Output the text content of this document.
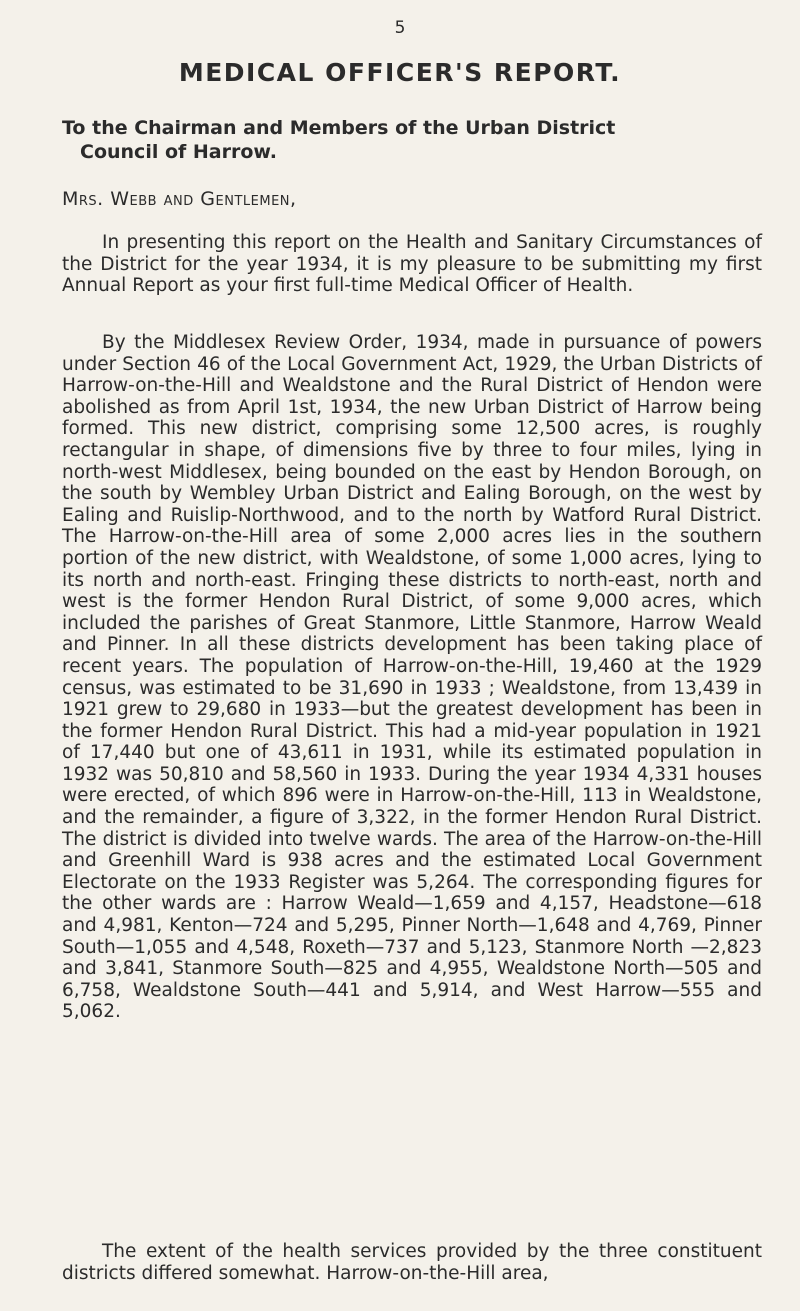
5
MEDICAL OFFICER'S REPORT.
To the Chairman and Members of the Urban District
Council of Harrow.
Mrs. Webb and Gentlemen,

In presenting this report on the Health and Sanitary Circumstances of the District for the year 1934, it is my pleasure to be submitting my first Annual Report as your first full-time Medical Officer of Health.

By the Middlesex Review Order, 1934, made in pursuance of powers under Section 46 of the Local Government Act, 1929, the Urban Districts of Harrow-on-the-Hill and Wealdstone and the Rural District of Hendon were abolished as from April 1st, 1934, the new Urban District of Harrow being formed. This new district, comprising some 12,500 acres, is roughly rectangular in shape, of dimensions five by three to four miles, lying in north-west Middlesex, being bounded on the east by Hendon Borough, on the south by Wembley Urban District and Ealing Borough, on the west by Ealing and Ruislip-Northwood, and to the north by Watford Rural District. The Harrow-on-the-Hill area of some 2,000 acres lies in the southern portion of the new district, with Wealdstone, of some 1,000 acres, lying to its north and north-east. Fringing these districts to north-east, north and west is the former Hendon Rural District, of some 9,000 acres, which included the parishes of Great Stanmore, Little Stanmore, Harrow Weald and Pinner. In all these districts development has been taking place of recent years. The population of Harrow-on-the-Hill, 19,460 at the 1929 census, was estimated to be 31,690 in 1933 ; Wealdstone, from 13,439 in 1921 grew to 29,680 in 1933—but the greatest development has been in the former Hendon Rural District. This had a mid-year population in 1921 of 17,440 but one of 43,611 in 1931, while its estimated population in 1932 was 50,810 and 58,560 in 1933. During the year 1934 4,331 houses were erected, of which 896 were in Harrow-on-the-Hill, 113 in Wealdstone, and the remainder, a figure of 3,322, in the former Hendon Rural District. The district is divided into twelve wards. The area of the Harrow-on-the-Hill and Greenhill Ward is 938 acres and the estimated Local Government Electorate on the 1933 Register was 5,264. The corresponding figures for the other wards are : Harrow Weald—1,659 and 4,157, Headstone—618 and 4,981, Kenton—724 and 5,295, Pinner North—1,648 and 4,769, Pinner South—1,055 and 4,548, Roxeth—737 and 5,123, Stanmore North —2,823 and 3,841, Stanmore South—825 and 4,955, Wealdstone North—505 and 6,758, Wealdstone South—441 and 5,914, and West Harrow—555 and 5,062.

The extent of the health services provided by the three constituent districts differed somewhat. Harrow-on-the-Hill area,
